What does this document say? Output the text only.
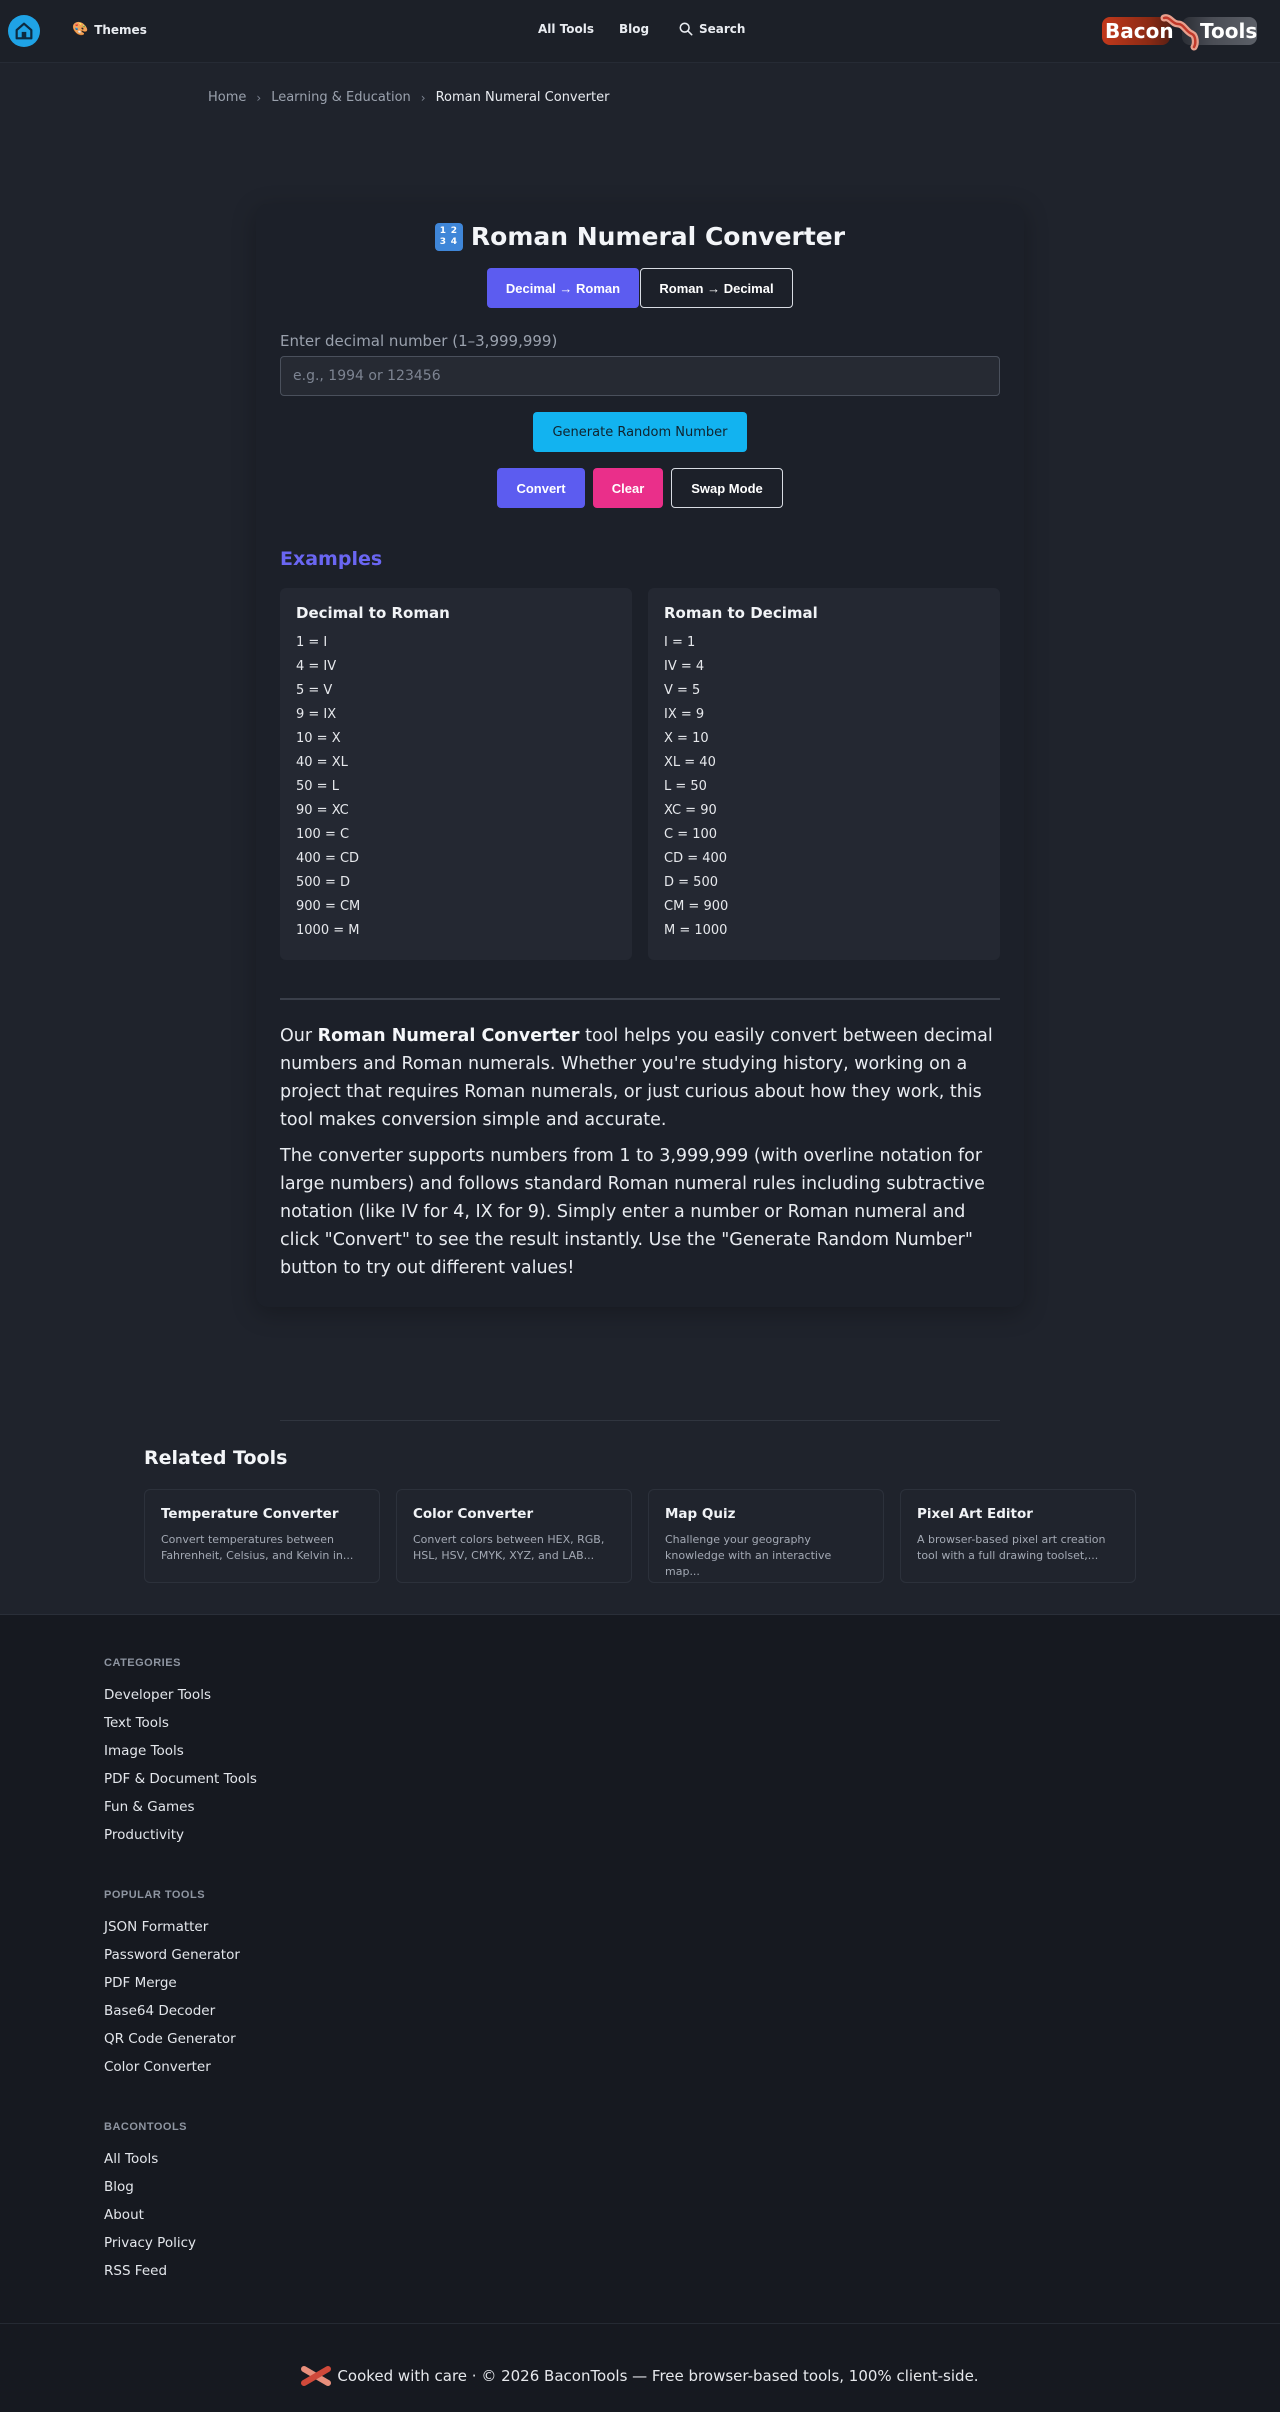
🎨 Themes	All Tools Blog	Search	Bacon	Tools
Home › Learning & Education › Roman Numeral Converter
1 2
3 4 Roman Numeral Converter
Decimal → Roman	Roman → Decimal
Enter decimal number (1–3,999,999)
e.g., 1994 or 123456
Generate Random Number
Convert	Clear	Swap Mode
Examples
Decimal to Roman
1 = I
4 = IV
5 = V
9 = IX
10 = X
40 = XL
50 = L
90 = XC
100 = C
400 = CD
500 = D
900 = CM
1000 = M
Roman to Decimal
I = 1
IV = 4
V = 5
IX = 9
X = 10
XL = 40
L = 50
XC = 90
C = 100
CD = 400
D = 500
CM = 900
M = 1000

Our Roman Numeral Converter tool helps you easily convert between decimal numbers and Roman numerals. Whether you're studying history, working on a project that requires Roman numerals, or just curious about how they work, this tool makes conversion simple and accurate.

The converter supports numbers from 1 to 3,999,999 (with overline notation for large numbers) and follows standard Roman numeral rules including subtractive notation (like IV for 4, IX for 9). Simply enter a number or Roman numeral and click "Convert" to see the result instantly. Use the "Generate Random Number" button to try out different values!

Related Tools
Temperature Converter

Convert temperatures between Fahrenheit, Celsius, and Kelvin in...

Color Converter

Convert colors between HEX, RGB, HSL, HSV, CMYK, XYZ, and LAB...

Map Quiz

Challenge your geography knowledge with an interactive map...

Pixel Art Editor

A browser-based pixel art creation tool with a full drawing toolset,...

CATEGORIES
Developer Tools
Text Tools
Image Tools
PDF & Document Tools
Fun & Games
Productivity
POPULAR TOOLS
JSON Formatter
Password Generator
PDF Merge
Base64 Decoder
QR Code Generator
Color Converter
BACONTOOLS
All Tools
Blog
About
Privacy Policy
RSS Feed
Cooked with care · © 2026 BaconTools — Free browser-based tools, 100% client-side.
